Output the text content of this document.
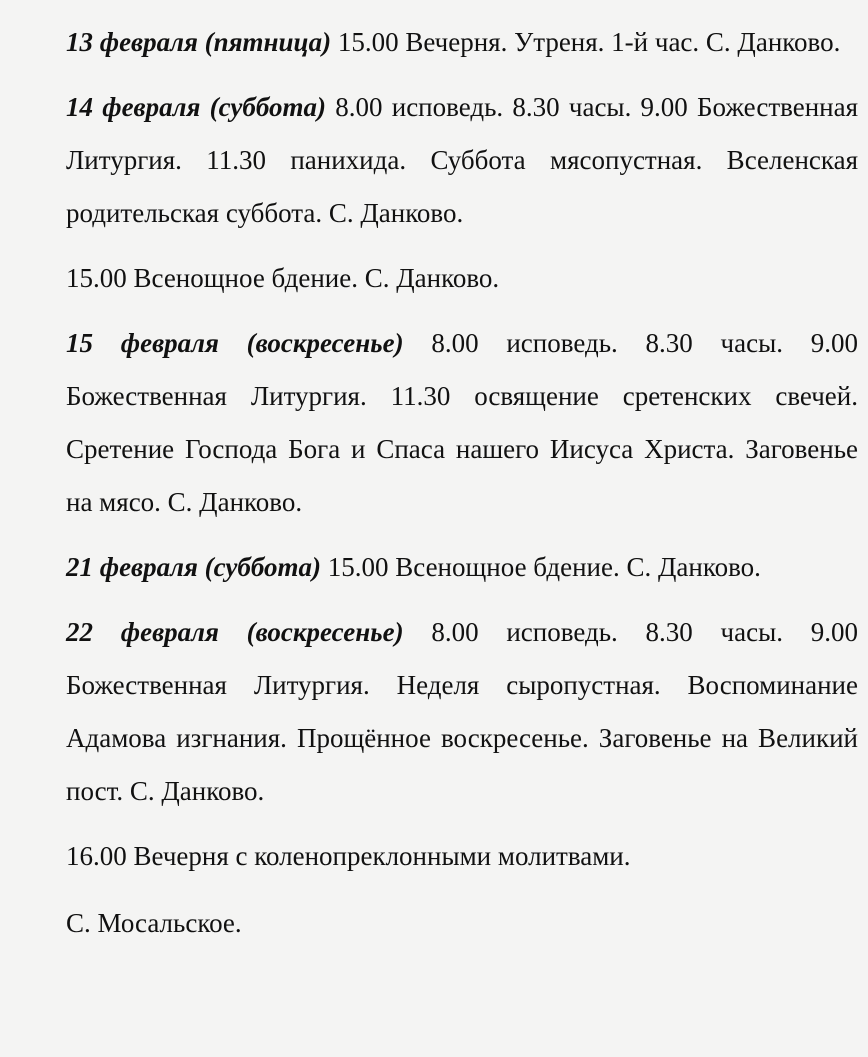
13 февраля (пятница) 15.00 Вечерня. Утреня. 1-й час. С. Данково.

14 февраля (суббота) 8.00 исповедь. 8.30 часы. 9.00 Божественная Литургия. 11.30 панихида. Суббота мясопустная. Вселенская родительская суббота. С. Данково.

15.00 Всенощное бдение. С. Данково.

15 февраля (воскресенье) 8.00 исповедь. 8.30 часы. 9.00 Божественная Литургия. 11.30 освящение сретенских свечей. Сретение Господа Бога и Спаса нашего Иисуса Христа. Заговенье на мясо. С. Данково.

21 февраля (суббота) 15.00 Всенощное бдение. С. Данково.

22 февраля (воскресенье) 8.00 исповедь. 8.30 часы. 9.00 Божественная Литургия. Неделя сыропустная. Воспоминание Адамова изгнания. Прощённое воскресенье. Заговенье на Великий пост. С. Данково.

16.00 Вечерня с коленопреклонными молитвами.

С. Мосальское.
